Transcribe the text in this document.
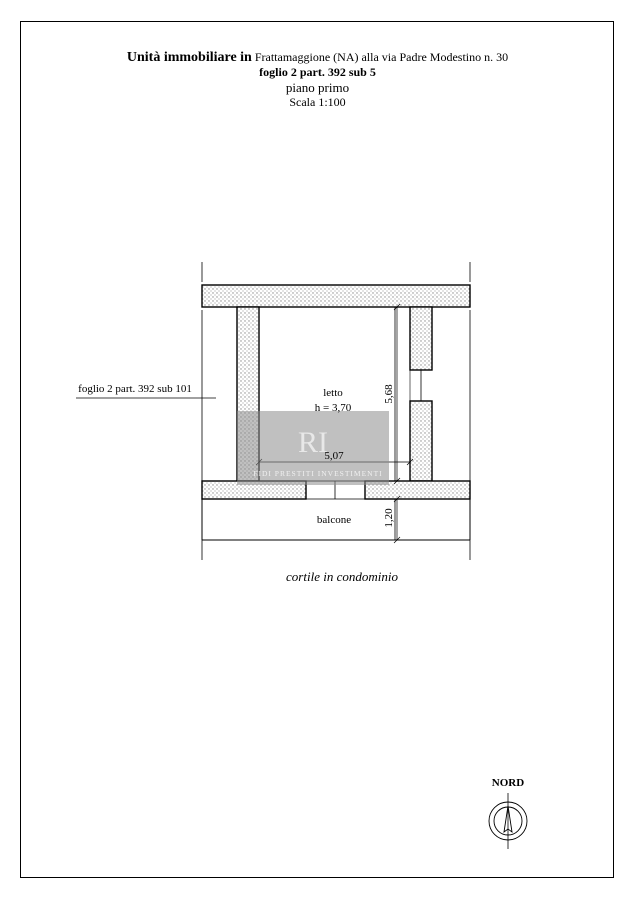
Unità immobiliare in Frattamaggione (NA) alla via Padre Modestino n. 30
foglio 2 part. 392 sub 5
piano primo
Scala 1:100
RI
FIDI PRESTITI INVESTIMENTI
letto
h = 3,70
5,07
5,68
1,20
balcone
foglio 2 part. 392 sub 101
NORD
cortile in condominio
